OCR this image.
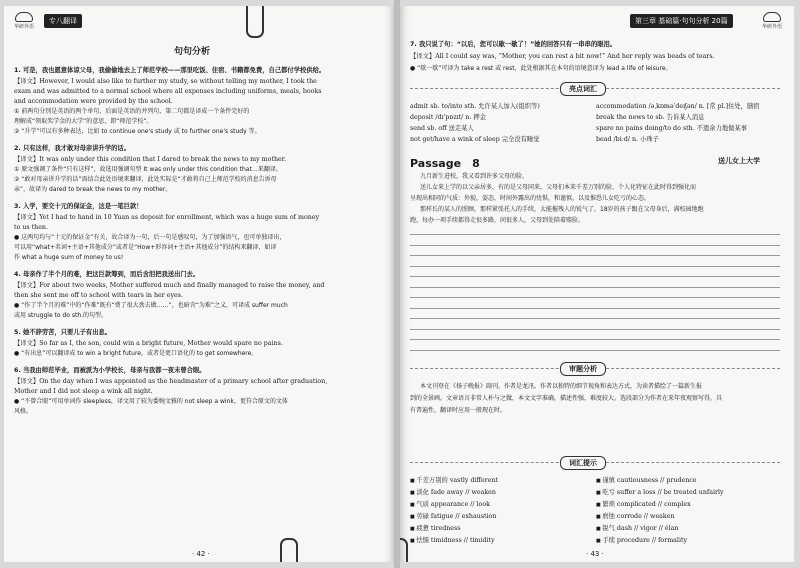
华研外语
专八翻译
句句分析
1. 可是，我也愿意体谅父母，我偷偷地去上了师范学校——那里吃饭、住宿、书籍都免费，自己都付学校供给。
【译文】However, I would also like to further my study, so without telling my mother, I took the
exam and was admitted to a normal school where all expenses including uniforms, meals, books
and accommodation were provided by the school.
① 前两句分别是英语的两个单句，后面是英语的并列句，第二句都是译成一个条件完好的
理解成“领取奖学金的大学”的意思，即“师范学校”。
② “升学”可以有多种表达，比如 to continue one's study 或 to further one's study 等。
2. 只有这样，我才敢对母亲讲升学的话。
【译文】It was only under this condition that I dared to break the news to my mother.
① 原文强调了条件“只有这样”，故选用强调句型 It was only under this condition that…来翻译。
② “敢对母亲讲升学的话”需结合此处语境来翻译，此处实际是“才敢将自己上师范学校的消息告诉母
亲”，故译为 dared to break the news to my mother。
3. 入学，要交十元的保证金，这是一笔巨款！
【译文】Yet I had to hand in 10 Yuan as deposit for enrollment, which was a huge sum of money
to us then.
● 这两句均与“十元的保证金”有关，故合译为一句，后一句是感叹句，为了加强语气，也可单独译出，
可以用“what+名词+主语+其他成分”或者是“How+形容词+主语+其他成分”的结构来翻译，如译
作 what a huge sum of money to us!
4. 母亲作了半个月的难，把这巨款筹到，而后含泪把我送出门去。
【译文】For about two weeks, Mother suffered much and finally managed to raise the money, and
then she sent me off to school with tears in her eyes.
● “作了半个月的难”中的“作难”既有“费了很大劲去做……”，也暗含“为难”之义，可译成 suffer much
或用 struggle to do sth.的句型。
5. 她不辞劳苦，只要儿子有出息。
【译文】So far as I, the son, could win a bright future, Mother would spare no pains.
● “有出息”可以翻译成 to win a bright future，或者是更口语化的 to get somewhere。
6. 当我由师范毕业，而被派为小学校长，母亲与我都一夜未曾合眼。
【译文】On the day when I was appointed as the headmaster of a primary school after graduation,
Mother and I did not sleep a wink all night.
● “不曾合眼”可用单词作 sleepless，译文用了较为委婉文雅的 not sleep a wink，更符合原文的文体
风格。
· 42 ·
第三章 基础篇·句句分析 20篇
华研外语
7. 我只说了句：“以后，您可以歇一歇了！”她的回答只有一串串的眼泪。
【译文】All I could say was, “Mother, you can rest a bit now!” And her reply was beads of tears.
● “歇一歇”可译为 take a rest 或 rest，此处根据其在本句的语境意译为 lead a life of leisure。
亮点词汇
admit sb. to/into sth. 允许某人加入(组织等)
deposit /dɪˈpɒzɪt/ n. 押金
send sb. off 送走某人
not get/have a wink of sleep 完全没有睡觉
accommodation /əˌkɒməˈdeɪʃən/ n. [常 pl.]住处，膳宿
break the news to sb. 告诉某人消息
spare no pains doing/to do sth. 不遗余力地做某事
bead /biːd/ n. 小珠子
Passage 8	送儿女上大学
九月新生进校，我又看到许多父母的脸。
送儿女来上学的以父亲居多，有的是父母同来，父母们本来千差万别的脸，个人化特征在此时得到强化而
呈现出相同的气质：外貌，姿态，时间外露出的忧惧，和谨慎，以及惟恐儿女吃亏的心态。
那样长的某人的照顾，那样紧张托人的手续，太能摧残人的锐气了，18岁的孩子跟在父母身后，满校园地跑
跑，每办一项手续都得走很多路，问很多人，父母到处陪着赔脸。
审题分析
本文刊登在《扬子晚报》副刊，作者是龙汛。作者以独特的细节视角和表达方式，为读者描绘了一篇新生报
到的全景画。文章语言非常人朴与之做，本文文字准确，描述性强，难度较大。选段部分为作者在来年夜观察写得，具
有普遍性，翻译时应用一般现在时。
词汇提示
■ 千差万别的 vastly different
■ 淡化 fade away // weaken
■ 气质 appearance // look
■ 劳碌 fatigue // exhaustion
■ 疲惫 tiredness
■ 怯懦 timidness // timidity
■ 谨慎 cautiousness // prudence
■ 吃亏 suffer a loss // be treated unfairly
■ 繁琐 complicated // complex
■ 磨蚀 corrode // weaken
■ 锐气 dash // vigor // élan
■ 手续 procedure // formality
· 43 ·
